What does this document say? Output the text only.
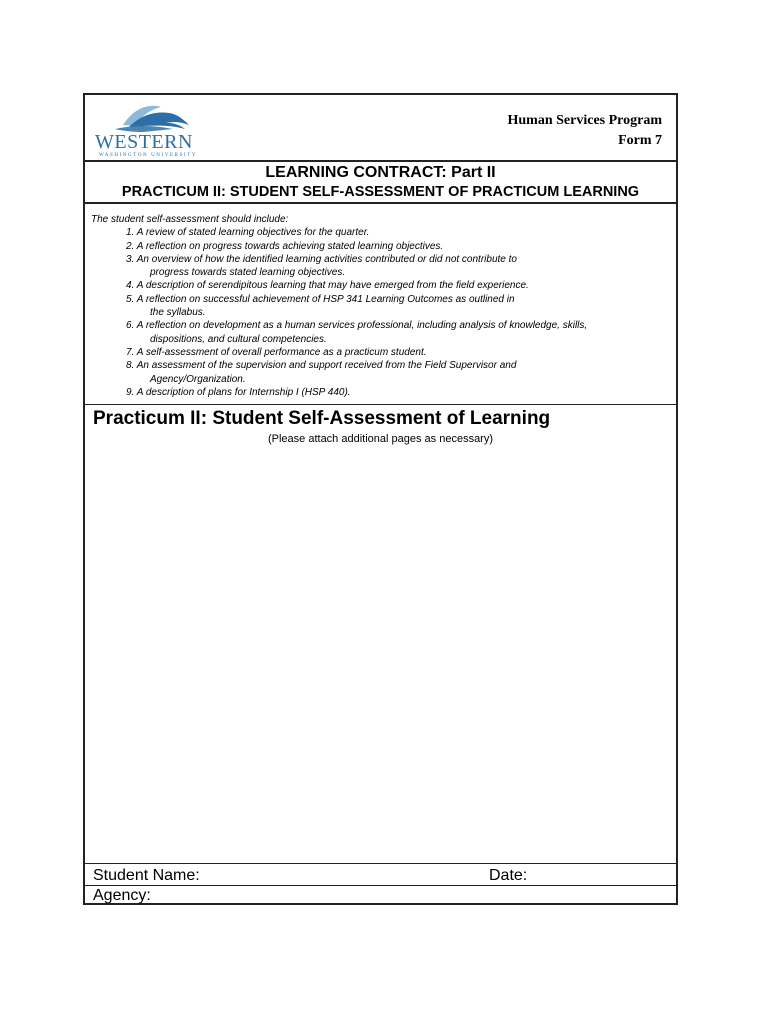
WESTERN
WASHINGTON UNIVERSITY
Human Services Program
Form 7
LEARNING CONTRACT: Part II
PRACTICUM II: STUDENT SELF-ASSESSMENT OF PRACTICUM LEARNING

The student self-assessment should include:

1. A review of stated learning objectives for the quarter.
2. A reflection on progress towards achieving stated learning objectives.
3. An overview of how the identified learning activities contributed or did not contribute to
progress towards stated learning objectives.
4. A description of serendipitous learning that may have emerged from the field experience.
5. A reflection on successful achievement of HSP 341 Learning Outcomes as outlined in
the syllabus.
6. A reflection on development as a human services professional, including analysis of knowledge, skills,
dispositions, and cultural competencies.
7. A self-assessment of overall performance as a practicum student.
8. An assessment of the supervision and support received from the Field Supervisor and
Agency/Organization.
9. A description of plans for Internship I (HSP 440).
Practicum II: Student Self-Assessment of Learning
(Please attach additional pages as necessary)
Student Name:	Date:
Agency:
